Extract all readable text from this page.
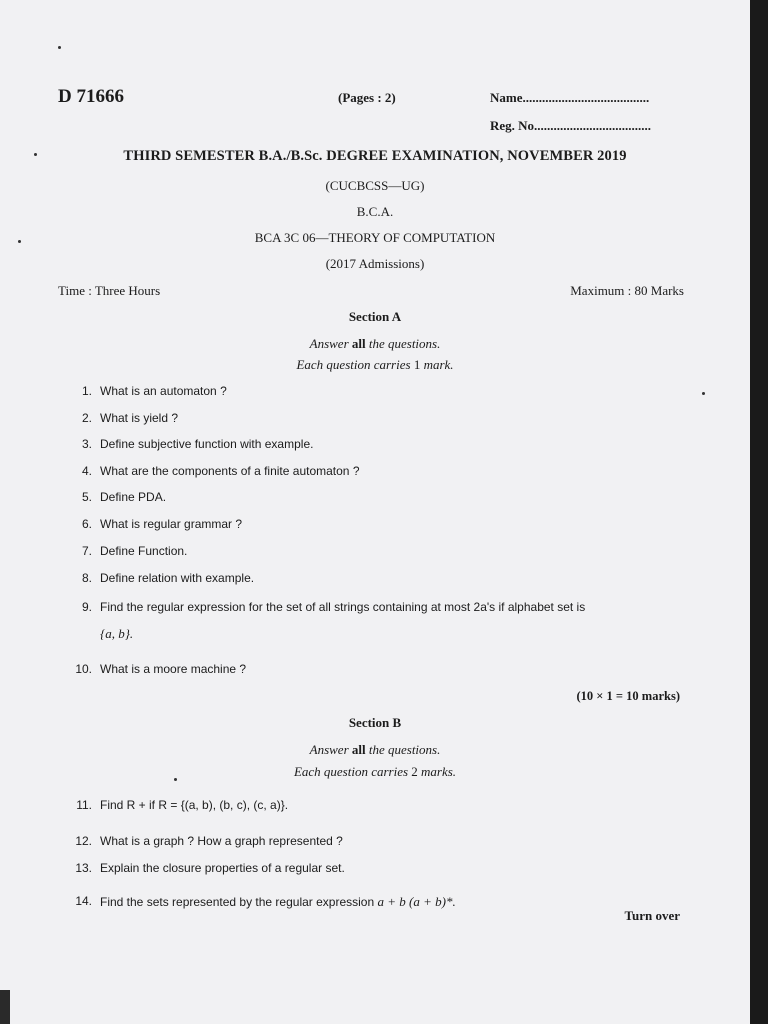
D 71666	(Pages : 2)	Name.......................................
Reg. No....................................
THIRD SEMESTER B.A./B.Sc. DEGREE EXAMINATION, NOVEMBER 2019
(CUCBCSS—UG)
B.C.A.
BCA 3C 06—THEORY OF COMPUTATION
(2017 Admissions)
Time : Three Hours	Maximum : 80 Marks
Section A
Answer all the questions.
Each question carries 1 mark.
1. What is an automaton ?
2. What is yield ?
3. Define subjective function with example.
4. What are the components of a finite automaton ?
5. Define PDA.
6. What is regular grammar ?
7. Define Function.
8. Define relation with example.
9. Find the regular expression for the set of all strings containing at most 2a's if alphabet set is
{a, b}.
10. What is a moore machine ?
(10 × 1 = 10 marks)
Section B
Answer all the questions.
Each question carries 2 marks.
11. Find R + if R = {(a, b), (b, c), (c, a)}.
12. What is a graph ? How a graph represented ?
13. Explain the closure properties of a regular set.
14. Find the sets represented by the regular expression a + b (a + b)*.
Turn over
